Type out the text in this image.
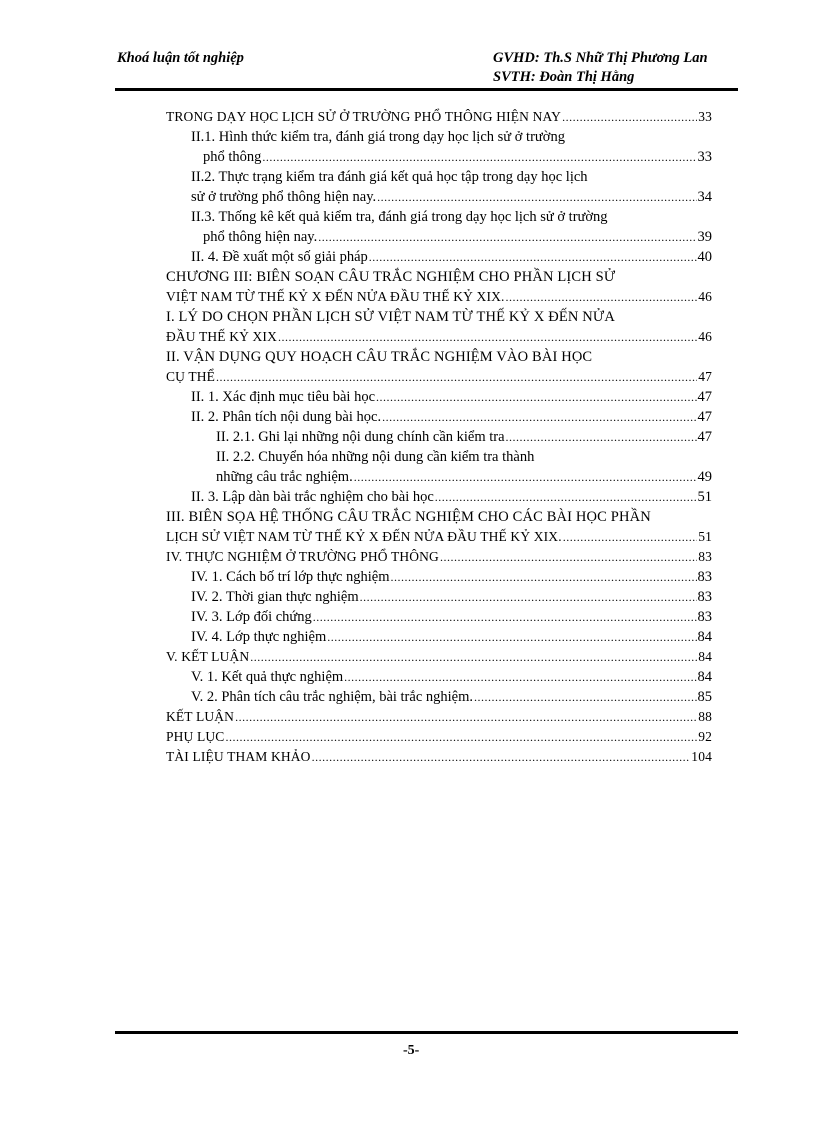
Khoá luận tốt nghiệp	GVHD: Th.S Nhữ Thị Phương Lan
SVTH: Đoàn Thị Hằng
TRONG DẠY HỌC LỊCH SỬ Ở TRƯỜNG PHỔ THÔNG HIỆN NAY .....	33
II.1. Hình thức kiểm tra, đánh giá trong dạy học lịch sử ở trường
phổ thông .....	33
II.2. Thực trạng kiểm tra đánh giá kết quả học tập trong dạy học lịch
sử ở trường phổ thông hiện nay. .....	34
II.3. Thống kê kết quả kiểm tra, đánh giá trong dạy học lịch sử ở trường
phổ thông hiện nay. .....	39
II. 4. Đề xuất một số giải pháp .....	40
CHƯƠNG III: BIÊN SOẠN CÂU TRẮC NGHIỆM CHO PHẦN LỊCH SỬ
VIỆT NAM TỪ THẾ KỶ X ĐẾN NỬA ĐẦU THẾ KỶ XIX. .....	46
I. LÝ DO CHỌN PHẦN LỊCH SỬ VIỆT NAM TỪ THẾ KỶ X ĐẾN NỬA
ĐẦU THẾ KỶ XIX .....	46
II. VẬN DỤNG QUY HOẠCH CÂU TRẮC NGHIỆM VÀO BÀI HỌC
CỤ THỂ .....	47
II. 1. Xác định mục tiêu bài học .....	47
II. 2. Phân tích nội dung bài học. .....	47
II. 2.1. Ghi lại những nội dung chính cần kiểm tra .....	47
II. 2.2. Chuyển hóa những nội dung cần kiểm tra thành
những câu trắc nghiệm. .....	49
II. 3. Lập dàn bài trắc nghiệm cho bài học .....	51
III. BIÊN SỌA HỆ THỐNG CÂU TRẮC NGHIỆM CHO CÁC BÀI HỌC PHẦN
LỊCH SỬ VIỆT NAM TỪ THẾ KỶ X ĐẾN NỬA ĐẦU THẾ KỶ XIX. .....	51
IV. THỰC NGHIỆM Ở TRƯỜNG PHỔ THÔNG .....	83
IV. 1. Cách bố trí lớp thực nghiệm .....	83
IV. 2. Thời gian thực nghiệm .....	83
IV. 3. Lớp đối chứng .....	83
IV. 4. Lớp thực nghiệm .....	84
V. KẾT LUẬN .....	84
V. 1. Kết quả thực nghiệm .....	84
V. 2. Phân tích câu trắc nghiệm, bài trắc nghiệm. .....	85
KẾT LUẬN .....	88
PHỤ LỤC .....	92
TÀI LIỆU THAM KHẢO .....	104
-5-
